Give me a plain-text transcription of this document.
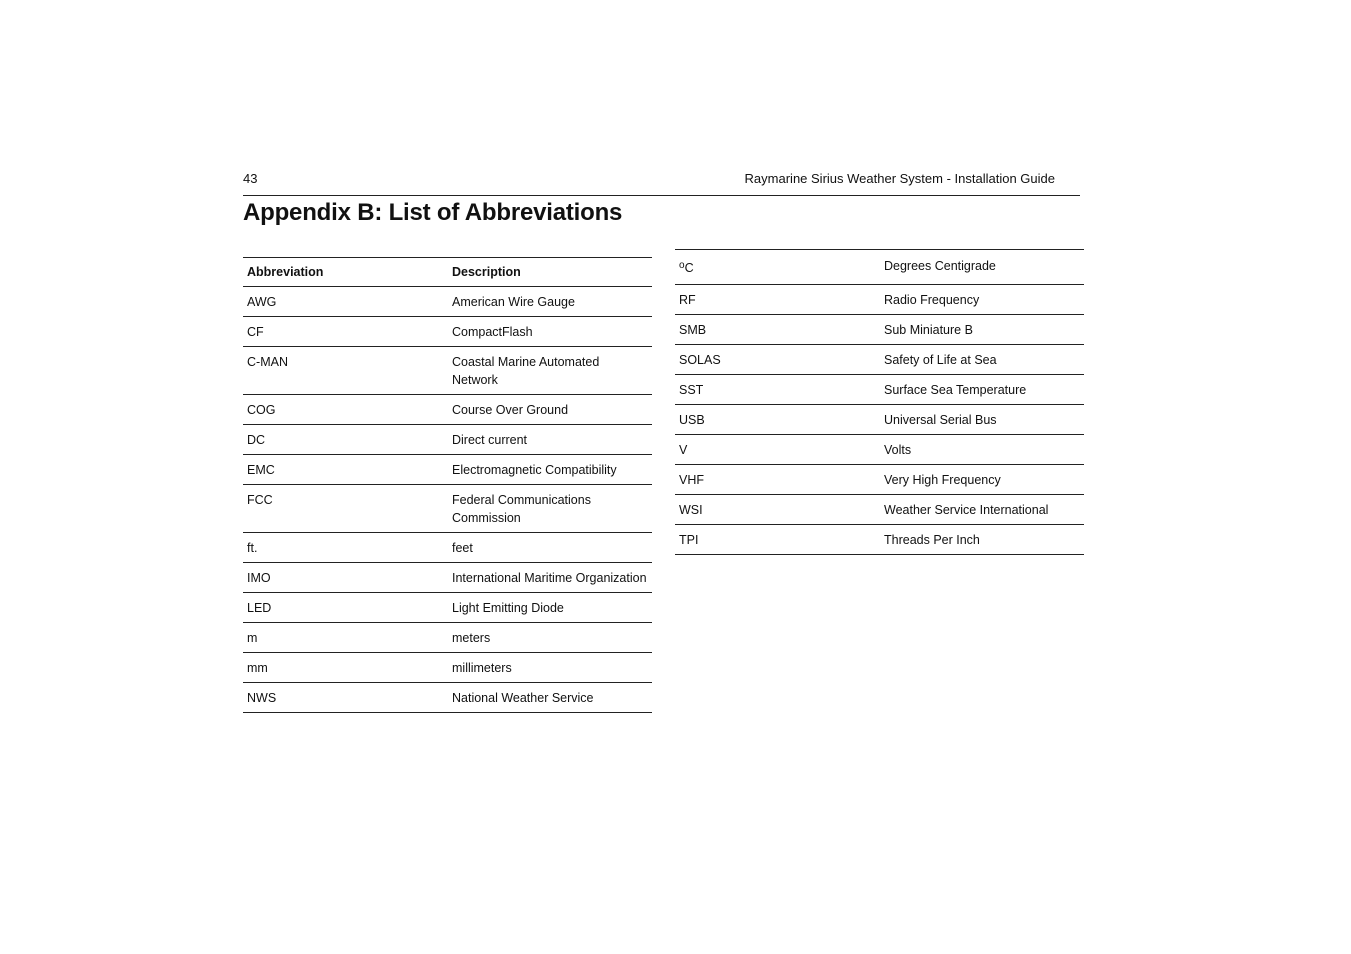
43	Raymarine Sirius Weather System - Installation Guide
Appendix B: List of Abbreviations
Abbreviation	Description
AWG	American Wire Gauge
CF	CompactFlash
C-MAN	Coastal Marine Automated Network
COG	Course Over Ground
DC	Direct current
EMC	Electromagnetic Compatibility
FCC	Federal Communications Commission
ft.	feet
IMO	International Maritime Organization
LED	Light Emitting Diode
m	meters
mm	millimeters
NWS	National Weather Service
$^o$C	Degrees Centigrade
RF	Radio Frequency
SMB	Sub Miniature B
SOLAS	Safety of Life at Sea
SST	Surface Sea Temperature
USB	Universal Serial Bus
V	Volts
VHF	Very High Frequency
WSI	Weather Service International
TPI	Threads Per Inch
